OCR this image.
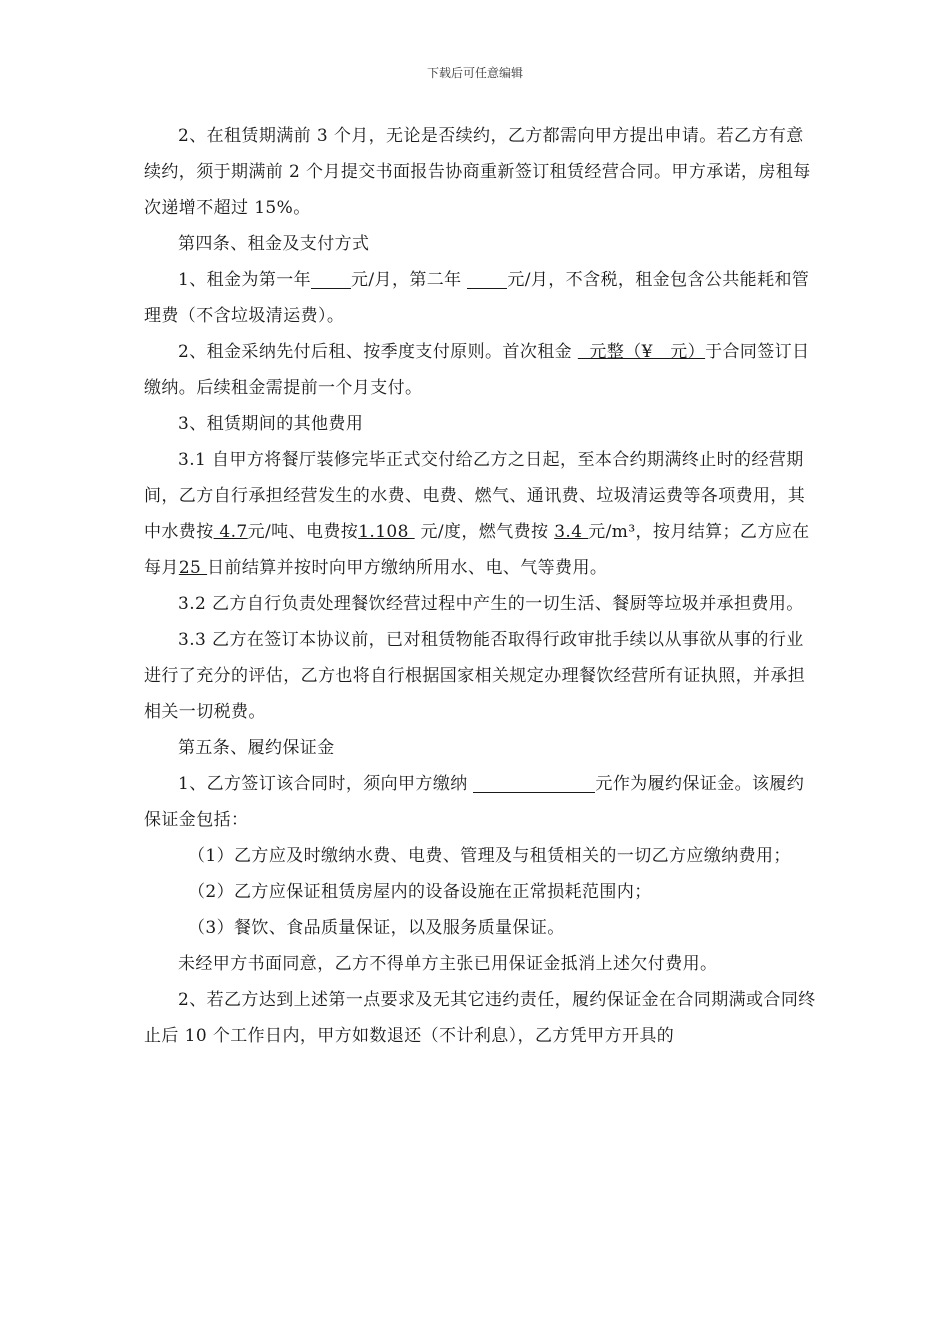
下载后可任意编辑

2、在租赁期满前 3 个月，无论是否续约，乙方都需向甲方提出申请。若乙方有意续约，须于期满前 2 个月提交书面报告协商重新签订租赁经营合同。甲方承诺，房租每次递增不超过 15%。

第四条、租金及支付方式

1、租金为第一年 元/月，第二年 元/月，不含税，租金包含公共能耗和管理费（不含垃圾清运费）。

2、租金采纳先付后租、按季度支付原则。首次租金   元整（¥   元）于合同签订日缴纳。后续租金需提前一个月支付。

3、租赁期间的其他费用

3.1 自甲方将餐厅装修完毕正式交付给乙方之日起，至本合约期满终止时的经营期间，乙方自行承担经营发生的水费、电费、燃气、通讯费、垃圾清运费等各项费用，其中水费按 4.7元/吨、电费按1.108  元/度，燃气费按 3.4 元/m³，按月结算；乙方应在每月25 日前结算并按时向甲方缴纳所用水、电、气等费用。

3.2 乙方自行负责处理餐饮经营过程中产生的一切生活、餐厨等垃圾并承担费用。

3.3 乙方在签订本协议前，已对租赁物能否取得行政审批手续以从事欲从事的行业进行了充分的评估，乙方也将自行根据国家相关规定办理餐饮经营所有证执照，并承担相关一切税费。

第五条、履约保证金

1、乙方签订该合同时，须向甲方缴纳	元作为履约保证金。该履约保证金包括：

（1）乙方应及时缴纳水费、电费、管理及与租赁相关的一切乙方应缴纳费用；

（2）乙方应保证租赁房屋内的设备设施在正常损耗范围内；

（3）餐饮、食品质量保证，以及服务质量保证。

未经甲方书面同意，乙方不得单方主张已用保证金抵消上述欠付费用。

2、若乙方达到上述第一点要求及无其它违约责任，履约保证金在合同期满或合同终止后 10 个工作日内，甲方如数退还（不计利息），乙方凭甲方开具的
